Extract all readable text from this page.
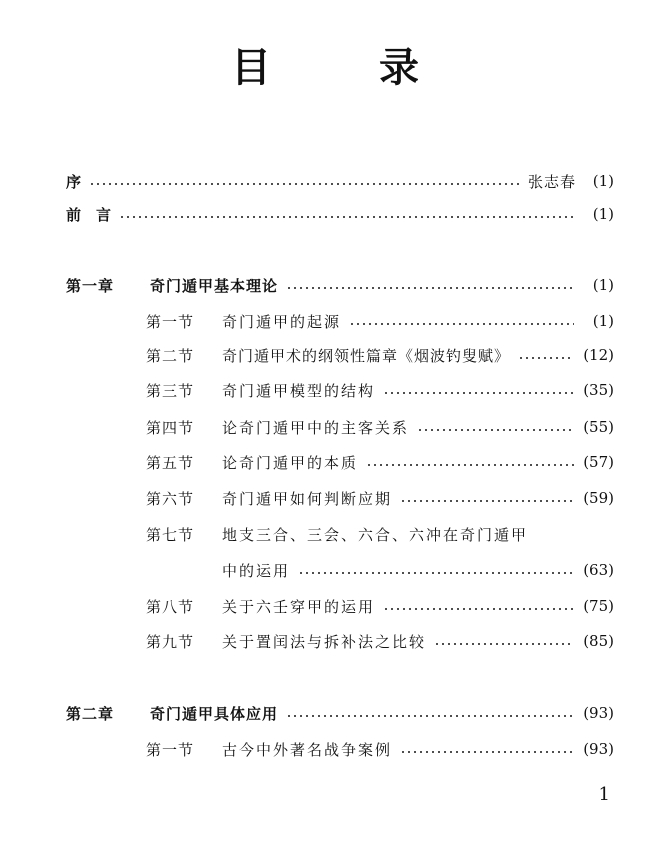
目　录
序	张志春	(1)
前　言	(1)
第一章	奇门遁甲基本理论	(1)
第一节	奇门遁甲的起源	(1)
第二节	奇门遁甲术的纲领性篇章《烟波钓叟赋》	(12)
第三节	奇门遁甲模型的结构	(35)
第四节	论奇门遁甲中的主客关系	(55)
第五节	论奇门遁甲的本质	(57)
第六节	奇门遁甲如何判断应期	(59)
第七节	地支三合、三会、六合、六冲在奇门遁甲
中的运用	(63)
第八节	关于六壬穿甲的运用	(75)
第九节	关于置闰法与拆补法之比较	(85)
第二章	奇门遁甲具体应用	(93)
第一节	古今中外著名战争案例	(93)

1
